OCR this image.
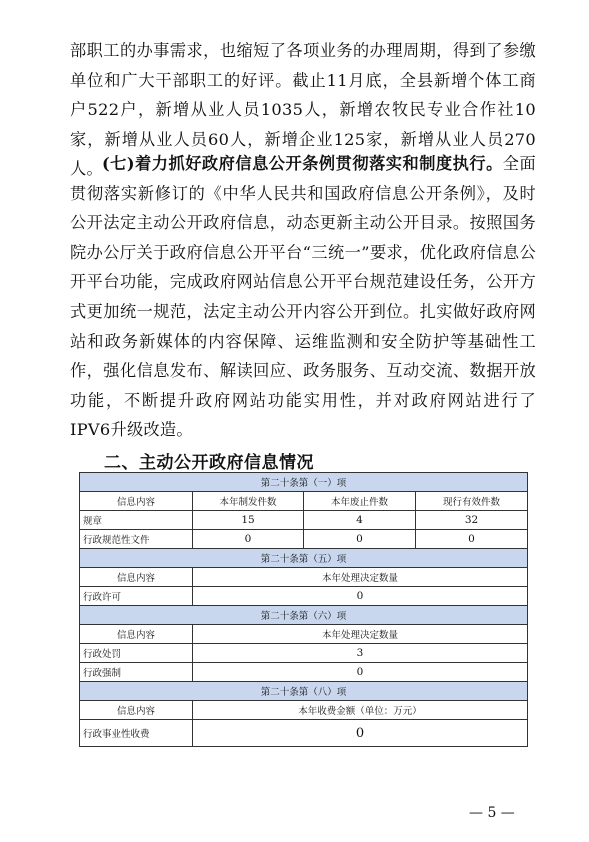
部职工的办事需求，也缩短了各项业务的办理周期，得到了参缴单位和广大干部职工的好评。截止11月底，全县新增个体工商户522户，新增从业人员1035人，新增农牧民专业合作社10家，新增从业人员60人，新增企业125家，新增从业人员270人。 (七)着力抓好政府信息公开条例贯彻落实和制度执行。全面贯彻落实新修订的《中华人民共和国政府信息公开条例》，及时公开法定主动公开政府信息，动态更新主动公开目录。按照国务院办公厅关于政府信息公开平台“三统一”要求，优化政府信息公开平台功能，完成政府网站信息公开平台规范建设任务，公开方式更加统一规范，法定主动公开内容公开到位。扎实做好政府网站和政务新媒体的内容保障、运维监测和安全防护等基础性工作，强化信息发布、解读回应、政务服务、互动交流、数据开放功能，不断提升政府网站功能实用性，并对政府网站进行了IPV6升级改造。
二、主动公开政府信息情况
第二十条第（一）项			
信息内容	本年制发件数	本年废止件数	现行有效件数
规章	15	4	32
行政规范性文件	0	0	0
第二十条第（五）项			
信息内容	本年处理决定数量		
行政许可	0		
第二十条第（六）项			
信息内容	本年处理决定数量		
行政处罚	3		
行政强制	0		
第二十条第（八）项			
信息内容	本年收费金额（单位：万元）		
行政事业性收费	0		
— 5 —
